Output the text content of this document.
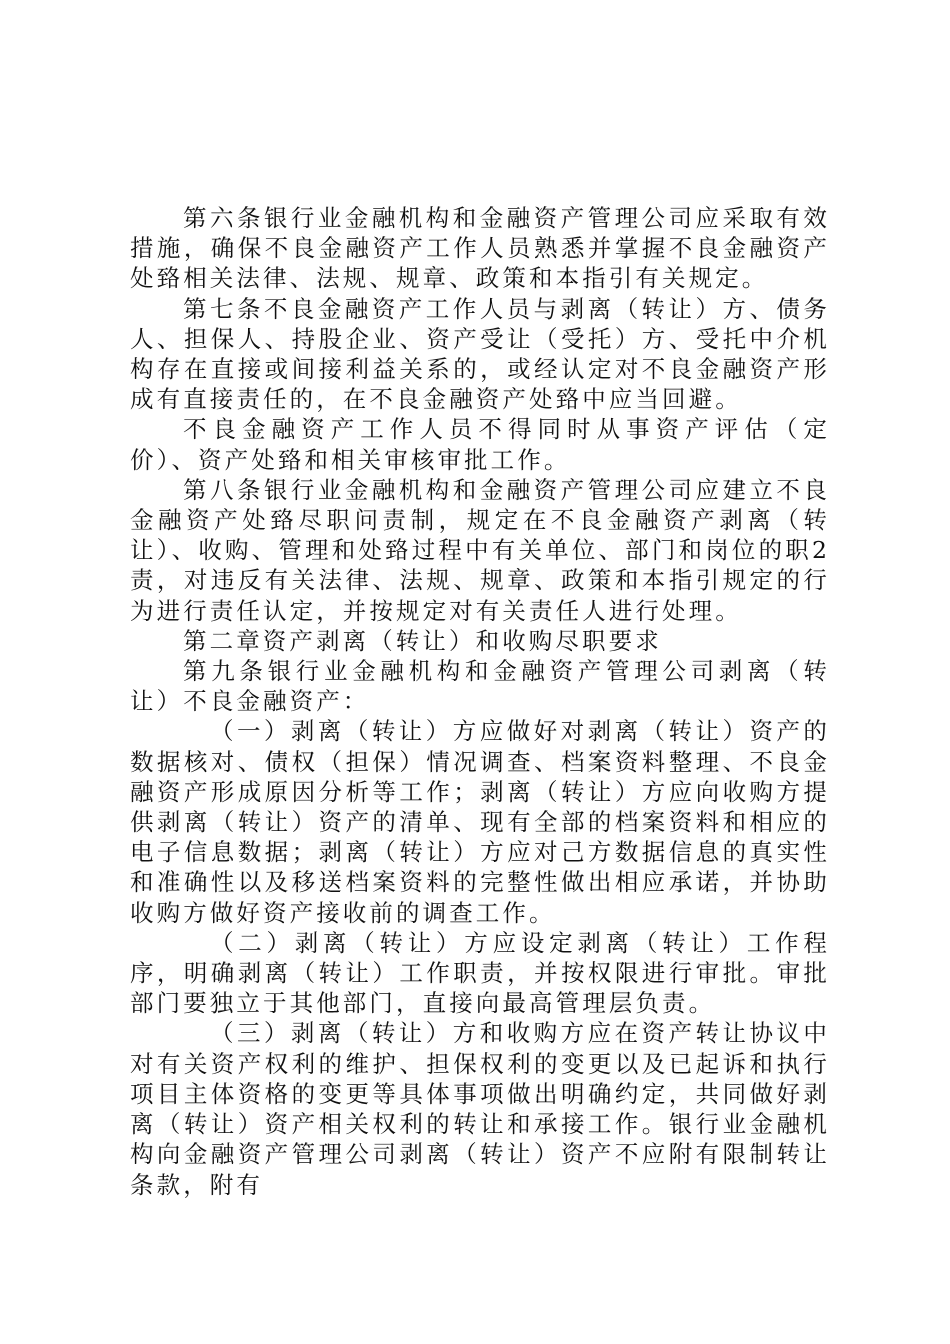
第六条银行业金融机构和金融资产管理公司应采取有效措施，确保不良金融资产工作人员熟悉并掌握不良金融资产处臵相关法律、法规、规章、政策和本指引有关规定。

第七条不良金融资产工作人员与剥离（转让）方、债务人、担保人、持股企业、资产受让（受托）方、受托中介机构存在直接或间接利益关系的，或经认定对不良金融资产形成有直接责任的，在不良金融资产处臵中应当回避。

不良金融资产工作人员不得同时从事资产评估（定价）、资产处臵和相关审核审批工作。

第八条银行业金融机构和金融资产管理公司应建立不良金融资产处臵尽职问责制，规定在不良金融资产剥离（转让）、收购、管理和处臵过程中有关单位、部门和岗位的职2责，对违反有关法律、法规、规章、政策和本指引规定的行为进行责任认定，并按规定对有关责任人进行处理。

第二章资产剥离（转让）和收购尽职要求

第九条银行业金融机构和金融资产管理公司剥离（转让）不良金融资产：

（一）剥离（转让）方应做好对剥离（转让）资产的数据核对、债权（担保）情况调查、档案资料整理、不良金融资产形成原因分析等工作；剥离（转让）方应向收购方提供剥离（转让）资产的清单、现有全部的档案资料和相应的电子信息数据；剥离（转让）方应对己方数据信息的真实性和准确性以及移送档案资料的完整性做出相应承诺，并协助收购方做好资产接收前的调查工作。

（二）剥离（转让）方应设定剥离（转让）工作程序，明确剥离（转让）工作职责，并按权限进行审批。审批部门要独立于其他部门，直接向最高管理层负责。

（三）剥离（转让）方和收购方应在资产转让协议中对有关资产权利的维护、担保权利的变更以及已起诉和执行项目主体资格的变更等具体事项做出明确约定，共同做好剥离（转让）资产相关权利的转让和承接工作。银行业金融机构向金融资产管理公司剥离（转让）资产不应附有限制转让条款，附有
